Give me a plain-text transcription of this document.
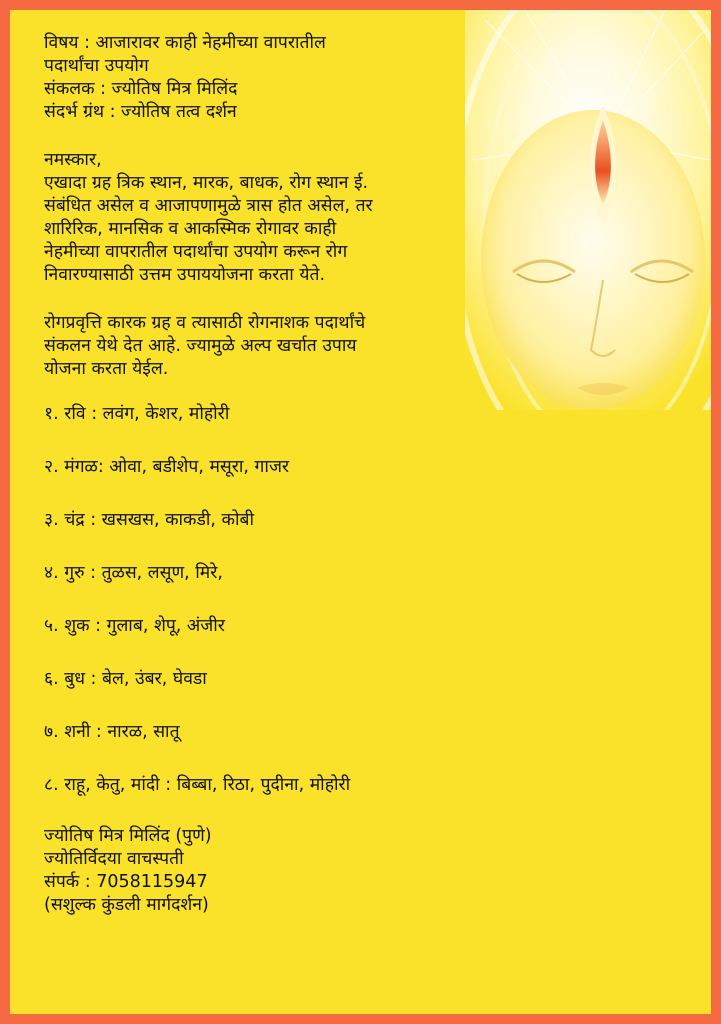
विषय : आजारावर काही नेहमीच्या वापरातील

पदार्थांचा उपयोग

संकलक : ज्योतिष मित्र मिलिंद

संदर्भ ग्रंथ : ज्योतिष तत्व दर्शन

नमस्कार,

एखादा ग्रह त्रिक स्थान, मारक, बाधक, रोग स्थान ई.

संबंधित असेल व आजापणामुळे त्रास होत असेल, तर

शारिरिक, मानसिक व आकस्मिक रोगावर काही

नेहमीच्या वापरातील पदार्थांचा उपयोग करून रोग

निवारण्यासाठी उत्तम उपाययोजना करता येते.

रोगप्रवृत्ति कारक ग्रह व त्यासाठी रोगनाशक पदार्थांचे

संकलन येथे देत आहे. ज्यामुळे अल्प खर्चात उपाय

योजना करता येईल.

१. रवि : लवंग, केशर, मोहोरी

२. मंगळ: ओवा, बडीशेप, मसूरा, गाजर

३. चंद्र : खसखस, काकडी, कोबी

४. गुरु : तुळस, लसूण, मिरे,

५. शुक : गुलाब, शेपू, अंजीर

६. बुध : बेल, उंबर, घेवडा

७. शनी : नारळ, सातू

८. राहू, केतु, मांदी : बिब्बा, रिठा, पुदीना, मोहोरी

ज्योतिष मित्र मिलिंद (पुणे)

ज्योतिर्विदया वाचस्पती

संपर्क : 7058115947

(सशुल्क कुंडली मार्गदर्शन)
